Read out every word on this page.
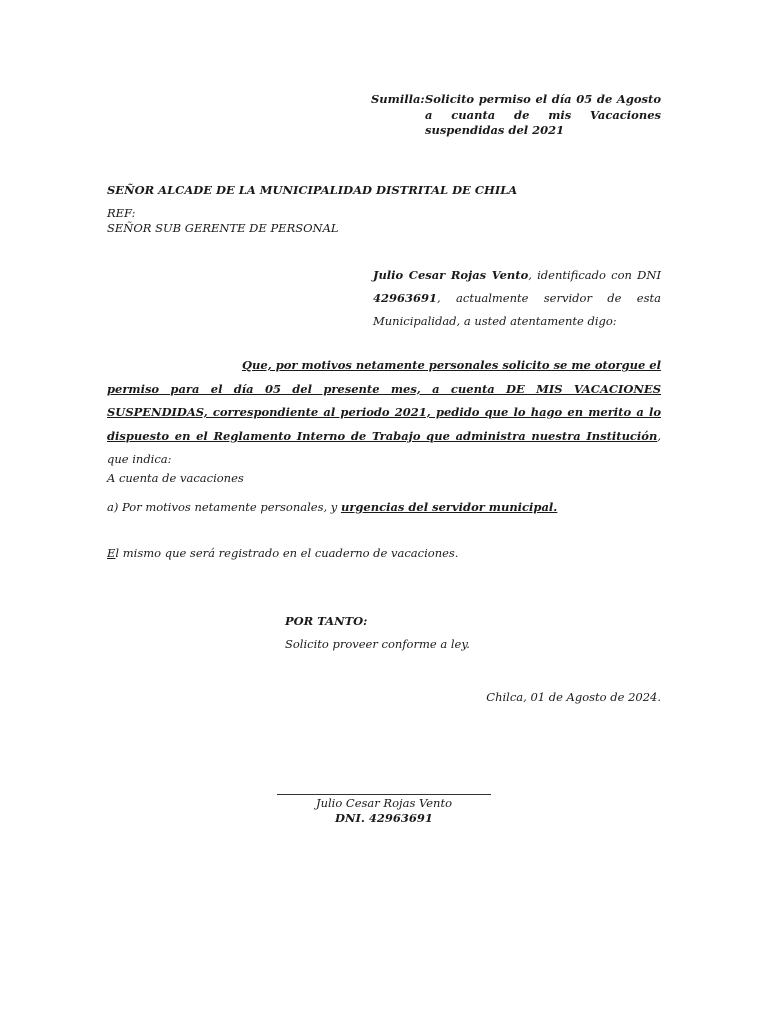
Sumilla: Solicito permiso el día 05 de Agosto a cuanta de mis Vacaciones suspendidas del 2021
SEÑOR ALCADE DE LA MUNICIPALIDAD DISTRITAL DE CHILA
REF:
SEÑOR SUB GERENTE DE PERSONAL
Julio Cesar Rojas Vento, identificado con DNI 42963691, actualmente servidor de esta Municipalidad, a usted atentamente digo:
Que, por motivos netamente personales solicito se me otorgue el permiso para el día 05 del presente mes, a cuenta DE MIS VACACIONES SUSPENDIDAS, correspondiente al periodo 2021, pedido que lo hago en merito a lo dispuesto en el Reglamento Interno de Trabajo que administra nuestra Institución, que indica:
A cuenta de vacaciones
a) Por motivos netamente personales, y urgencias del servidor municipal.
El mismo que será registrado en el cuaderno de vacaciones.
POR TANTO:
Solicito proveer conforme a ley.
Chilca, 01 de Agosto de 2024.
Julio Cesar Rojas Vento
DNI. 42963691
